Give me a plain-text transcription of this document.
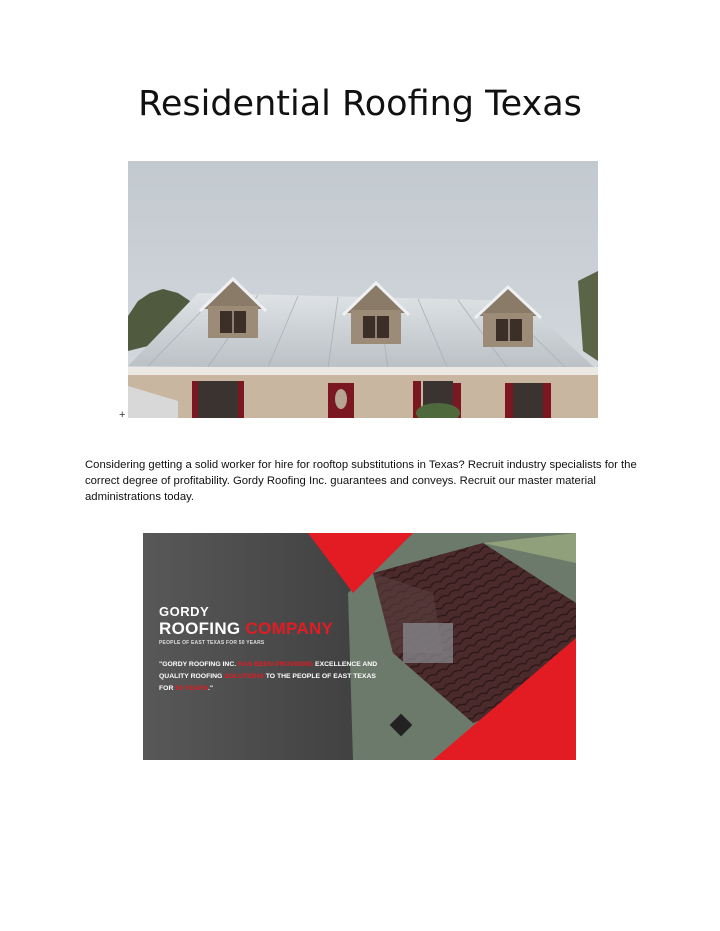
Residential Roofing Texas
+
Considering getting a solid worker for hire for rooftop substitutions in Texas? Recruit industry specialists for the correct degree of profitability. Gordy Roofing Inc. guarantees and conveys. Recruit our master material administrations today.
GORDY
ROOFING COMPANY
PEOPLE OF EAST TEXAS FOR 50 YEARS
"GORDY ROOFING INC. HAS BEEN PROVIDING EXCELLENCE AND QUALITY ROOFING SOLUTIONS TO THE PEOPLE OF EAST TEXAS FOR 50 YEARS."
